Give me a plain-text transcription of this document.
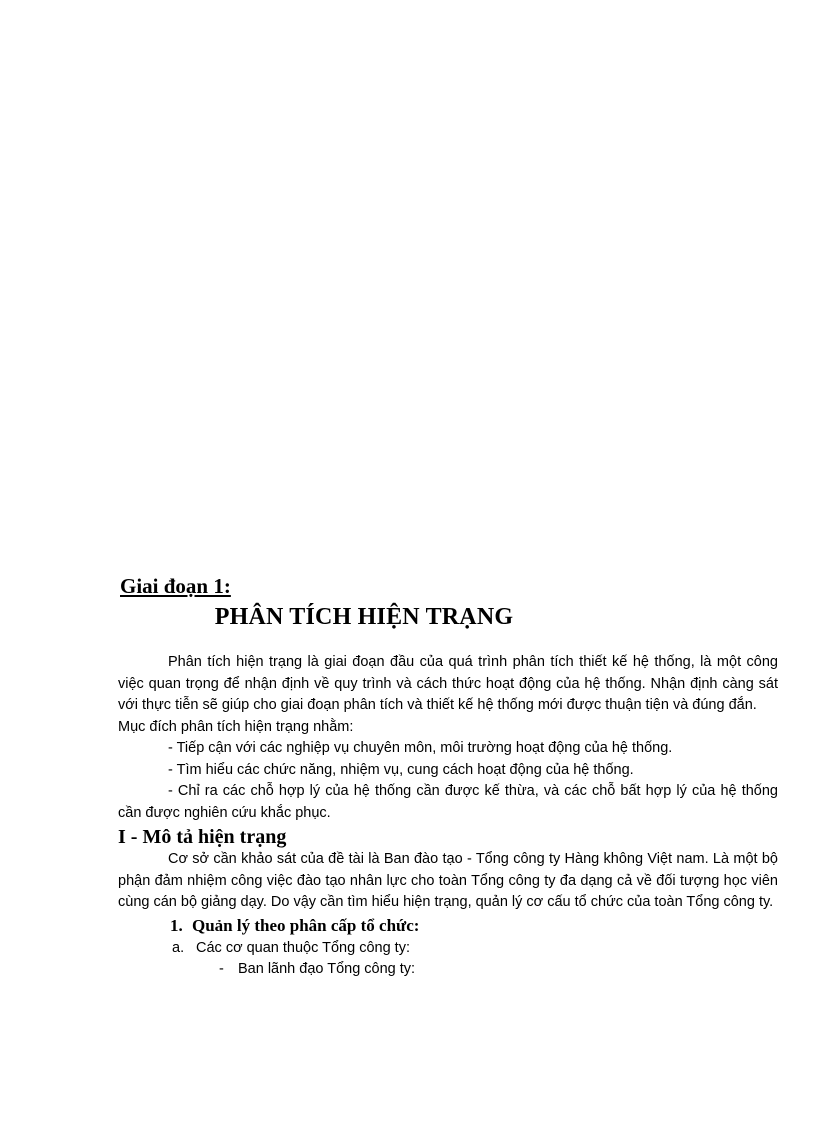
Giai đoạn 1:
PHÂN TÍCH HIỆN TRẠNG

Phân tích hiện trạng là giai đoạn đầu của quá trình phân tích thiết kế hệ thống, là một công việc quan trọng để nhận định về quy trình và cách thức hoạt động của hệ thống. Nhận định càng sát với thực tiễn sẽ giúp cho giai đoạn phân tích và thiết kế hệ thống mới được thuận tiện và đúng đắn.

Mục đích phân tích hiện trạng nhằm:

- Tiếp cận với các nghiệp vụ chuyên môn, môi trường hoạt động của hệ thống.

- Tìm hiểu các chức năng, nhiệm vụ, cung cách hoạt động của hệ thống.

- Chỉ ra các chỗ hợp lý của hệ thống cần được kế thừa, và các chỗ bất hợp lý của hệ thống cần được nghiên cứu khắc phục.

I - Mô tả hiện trạng

Cơ sở cần khảo sát của đề tài là Ban đào tạo - Tổng công ty Hàng không Việt nam. Là một bộ phận đảm nhiệm công việc đào tạo nhân lực cho toàn Tổng công ty đa dạng cả về đối tượng học viên cùng cán bộ giảng dạy. Do vậy cần tìm hiểu hiện trạng, quản lý cơ cấu tổ chức của toàn Tổng công ty.

1. Quản lý theo phân cấp tổ chức:
a. Các cơ quan thuộc Tổng công ty:
- Ban lãnh đạo Tổng công ty:
